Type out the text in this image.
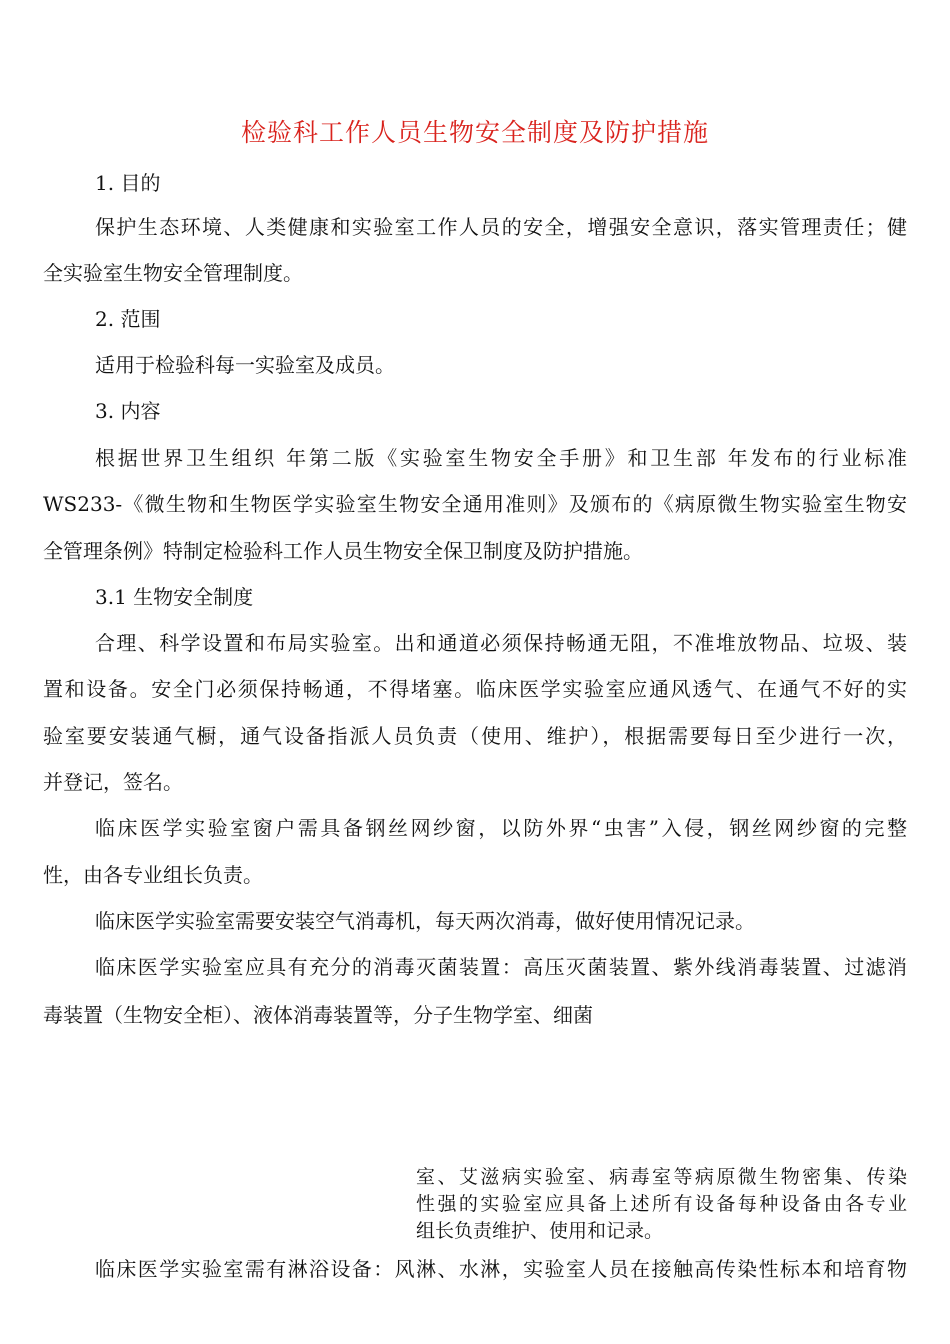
检验科工作人员生物安全制度及防护措施
1. 目的
保护生态环境、人类健康和实验室工作人员的安全，增强安全意识，落实管理责任；健
全实验室生物安全管理制度。
2. 范围
适用于检验科每一实验室及成员。
3. 内容
根据世界卫生组织 年第二版《实验室生物安全手册》和卫生部 年发布的行业标准
WS233-《微生物和生物医学实验室生物安全通用准则》及颁布的《病原微生物实验室生物安
全管理条例》特制定检验科工作人员生物安全保卫制度及防护措施。
3.1 生物安全制度
合理、科学设置和布局实验室。出和通道必须保持畅通无阻，不准堆放物品、垃圾、装
置和设备。安全门必须保持畅通，不得堵塞。临床医学实验室应通风透气、在通气不好的实
验室要安装通气橱，通气设备指派人员负责（使用、维护），根据需要每日至少进行一次，
并登记，签名。
临床医学实验室窗户需具备钢丝网纱窗，以防外界“虫害”入侵，钢丝网纱窗的完整
性，由各专业组长负责。
临床医学实验室需要安装空气消毒机，每天两次消毒，做好使用情况记录。
临床医学实验室应具有充分的消毒灭菌装置：高压灭菌装置、紫外线消毒装置、过滤消
毒装置（生物安全柜）、液体消毒装置等，分子生物学室、细菌
室、艾滋病实验室、病毒室等病原微生物密集、传染
性强的实验室应具备上述所有设备每种设备由各专业
组长负责维护、使用和记录。
临床医学实验室需有淋浴设备：风淋、水淋，实验室人员在接触高传染性标本和培育物
